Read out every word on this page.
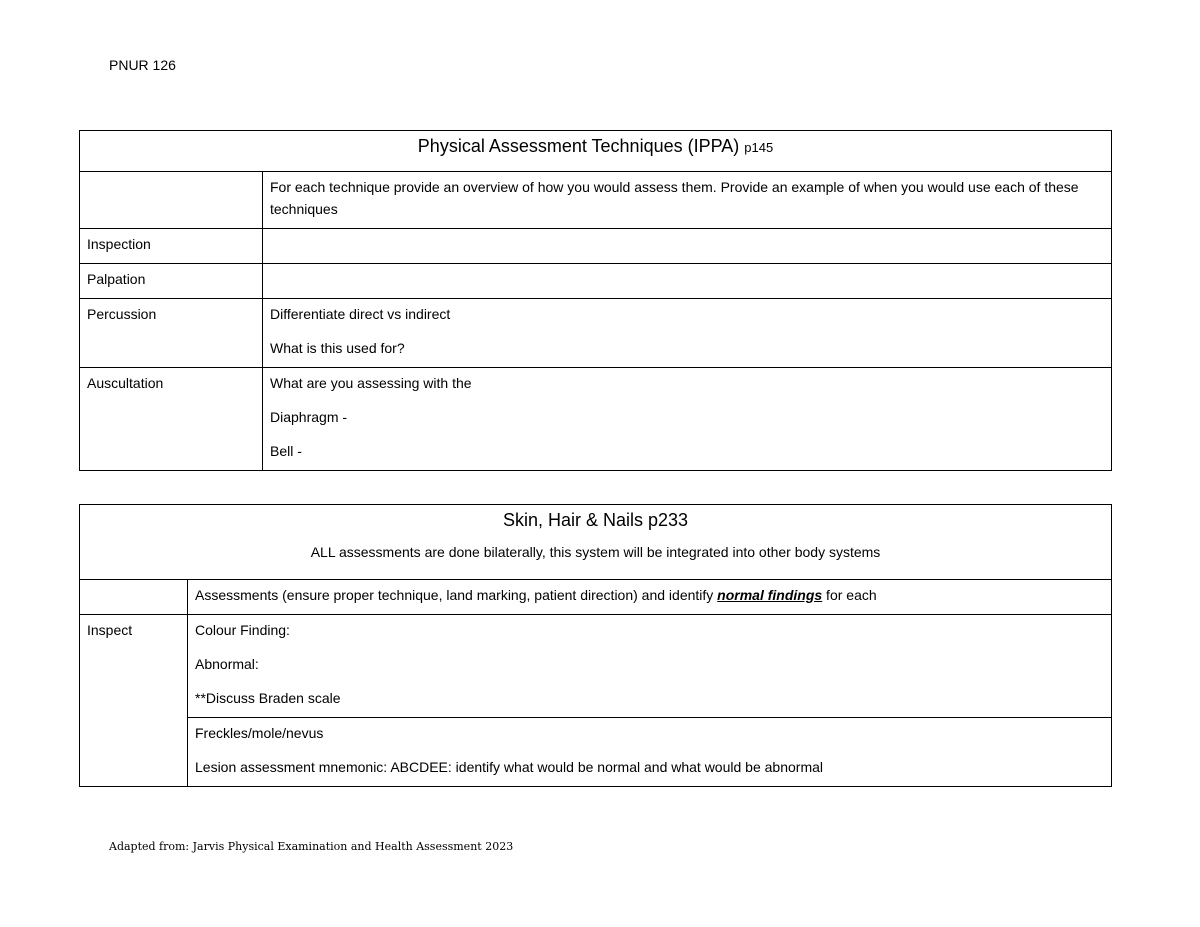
PNUR 126
Physical Assessment Techniques (IPPA) p145	
	For each technique provide an overview of how you would assess them. Provide an example of when you would use each of these techniques
Inspection	
Palpation	
Percussion	Differentiate direct vs indirect
What is this used for?

Auscultation	What are you assessing with the
Diaphragm -
Bell -
Skin, Hair & Nails p233
ALL assessments are done bilaterally, this system will be integrated into other body systems	

	Assessments (ensure proper technique, land marking, patient direction) and identify normal findings for each
Inspect	Colour Finding:
Abnormal:
**Discuss Braden scale

	Freckles/mole/nevus
Lesion assessment mnemonic: ABCDEE: identify what would be normal and what would be abnormal
Adapted from: Jarvis Physical Examination and Health Assessment 2023
